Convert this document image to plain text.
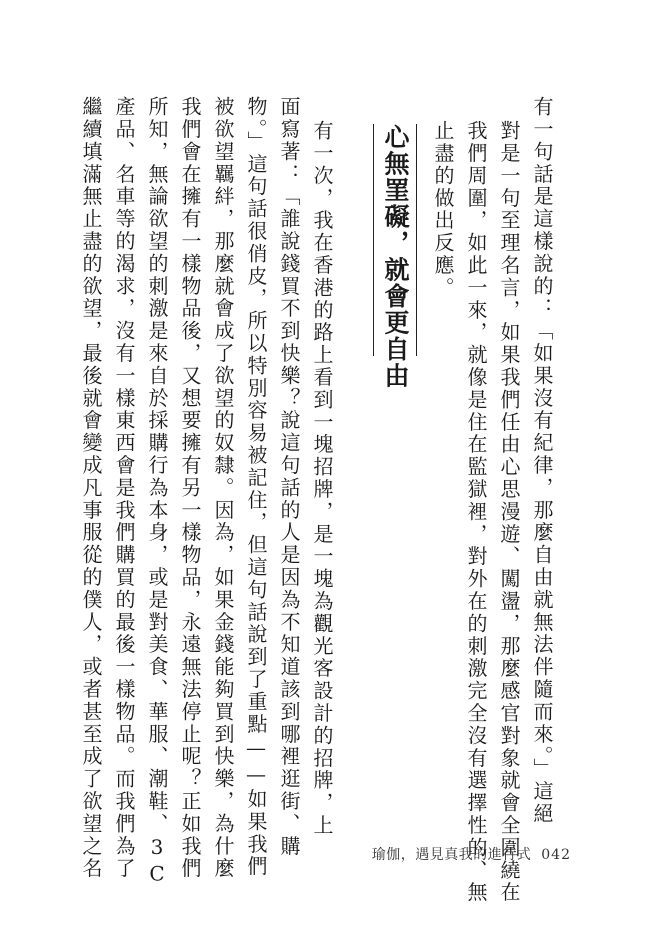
有一句話是這樣說的：「如果沒有紀律，那麼自由就無法伴隨而來。」這絕
對是一句至理名言，如果我們任由心思漫遊、闖盪，那麼感官對象就會全圍繞在
我們周圍，如此一來，就像是住在監獄裡，對外在的刺激完全沒有選擇性的、無
止盡的做出反應。
心無罣礙，就會更自由
有一次，我在香港的路上看到一塊招牌，是一塊為觀光客設計的招牌，上
面寫著：「誰說錢買不到快樂？說這句話的人是因為不知道該到哪裡逛街、購
物。」這句話很俏皮，所以特別容易被記住，但這句話說到了重點——如果我們
被欲望羈絆，那麼就會成了欲望的奴隸。因為，如果金錢能夠買到快樂，為什麼
我們會在擁有一樣物品後，又想要擁有另一樣物品，永遠無法停止呢？正如我們
所知，無論欲望的刺激是來自於採購行為本身，或是對美食、華服、潮鞋、3C
產品、名車等的渴求，沒有一樣東西會是我們購買的最後一樣物品。而我們為了
繼續填滿無止盡的欲望，最後就會變成凡事服從的僕人，或者甚至成了欲望之名	瑜伽，遇見真我的進行式 042
